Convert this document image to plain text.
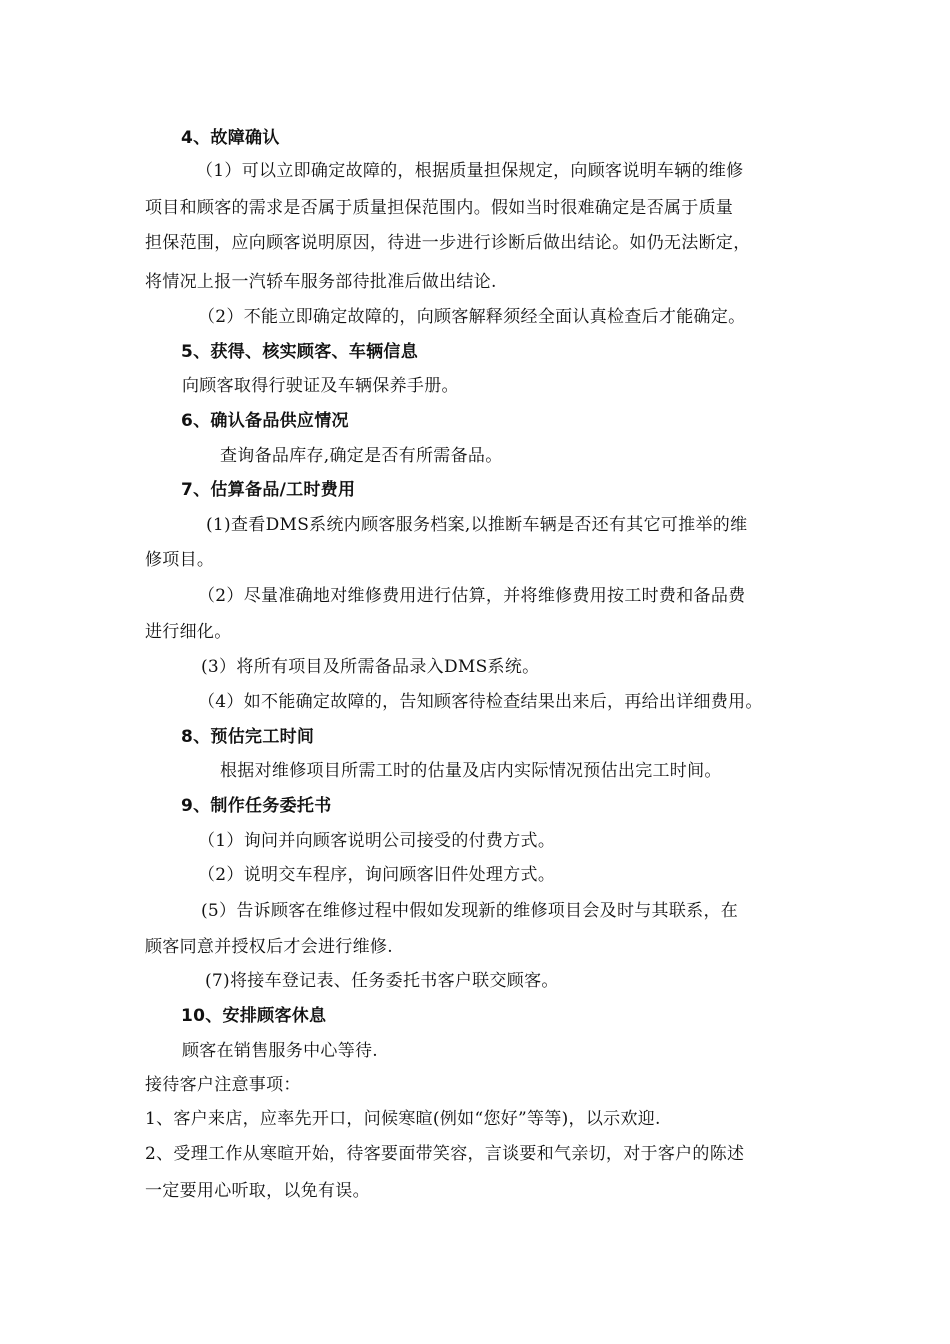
4、故障确认
（1）可以立即确定故障的，根据质量担保规定，向顾客说明车辆的维修
项目和顾客的需求是否属于质量担保范围内。假如当时很难确定是否属于质量
担保范围，应向顾客说明原因，待进一步进行诊断后做出结论。如仍无法断定，
将情况上报一汽轿车服务部待批准后做出结论.
（2）不能立即确定故障的，向顾客解释须经全面认真检查后才能确定。
5、获得、核实顾客、车辆信息
向顾客取得行驶证及车辆保养手册。
6、确认备品供应情况
查询备品库存,确定是否有所需备品。
7、估算备品/工时费用
(1)查看DMS系统内顾客服务档案,以推断车辆是否还有其它可推举的维
修项目。
（2）尽量准确地对维修费用进行估算，并将维修费用按工时费和备品费
进行细化。
(3）将所有项目及所需备品录入DMS系统。
（4）如不能确定故障的，告知顾客待检查结果出来后，再给出详细费用。
8、预估完工时间
根据对维修项目所需工时的估量及店内实际情况预估出完工时间。
9、制作任务委托书
（1）询问并向顾客说明公司接受的付费方式。
（2）说明交车程序，询问顾客旧件处理方式。
(5）告诉顾客在维修过程中假如发现新的维修项目会及时与其联系，在
顾客同意并授权后才会进行维修.
(7)将接车登记表、任务委托书客户联交顾客。
10、安排顾客休息
顾客在销售服务中心等待.
接待客户注意事项：
1、客户来店，应率先开口，问候寒暄(例如“您好”等等)，以示欢迎.
2、受理工作从寒暄开始，待客要面带笑容，言谈要和气亲切，对于客户的陈述
一定要用心听取，以免有误。
